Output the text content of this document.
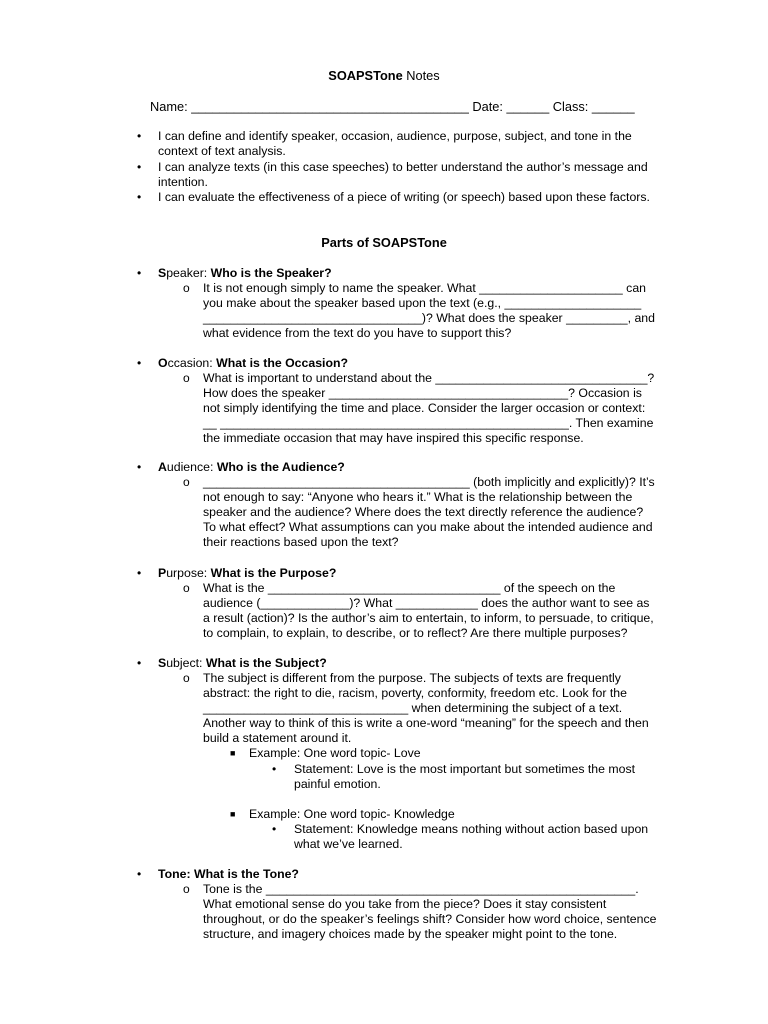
SOAPSTone Notes
Name: _______________________________________ Date: ______ Class: ______
• I can define and identify speaker, occasion, audience, purpose, subject, and tone in the context of text analysis.
• I can analyze texts (in this case speeches) to better understand the author’s message and intention.
• I can evaluate the effectiveness of a piece of writing (or speech) based upon these factors.
Parts of SOAPSTone
• Speaker: Who is the Speaker?
o It is not enough simply to name the speaker. What _____________________ can you make about the speaker based upon the text (e.g., ____________________ ________________________________)? What does the speaker _________, and what evidence from the text do you have to support this?
• Occasion: What is the Occasion?
o What is important to understand about the _______________________________? How does the speaker ___________________________________? Occasion is not simply identifying the time and place. Consider the larger occasion or context: __ ___________________________________________________. Then examine the immediate occasion that may have inspired this specific response.
• Audience: Who is the Audience?
o _______________________________________ (both implicitly and explicitly)? It’s not enough to say: “Anyone who hears it.” What is the relationship between the speaker and the audience? Where does the text directly reference the audience? To what effect? What assumptions can you make about the intended audience and their reactions based upon the text?
• Purpose: What is the Purpose?
o What is the __________________________________ of the speech on the audience (_____________)? What ____________ does the author want to see as a result (action)? Is the author’s aim to entertain, to inform, to persuade, to critique, to complain, to explain, to describe, or to reflect? Are there multiple purposes?
• Subject: What is the Subject?
o The subject is different from the purpose. The subjects of texts are frequently abstract: the right to die, racism, poverty, conformity, freedom etc. Look for the ______________________________ when determining the subject of a text. Another way to think of this is write a one-word “meaning” for the speech and then build a statement around it.
■ Example: One word topic- Love
• Statement: Love is the most important but sometimes the most painful emotion.
■ Example: One word topic- Knowledge
• Statement: Knowledge means nothing without action based upon what we’ve learned.
• Tone: What is the Tone?
o Tone is the ______________________________________________________. What emotional sense do you take from the piece? Does it stay consistent throughout, or do the speaker’s feelings shift? Consider how word choice, sentence structure, and imagery choices made by the speaker might point to the tone.
